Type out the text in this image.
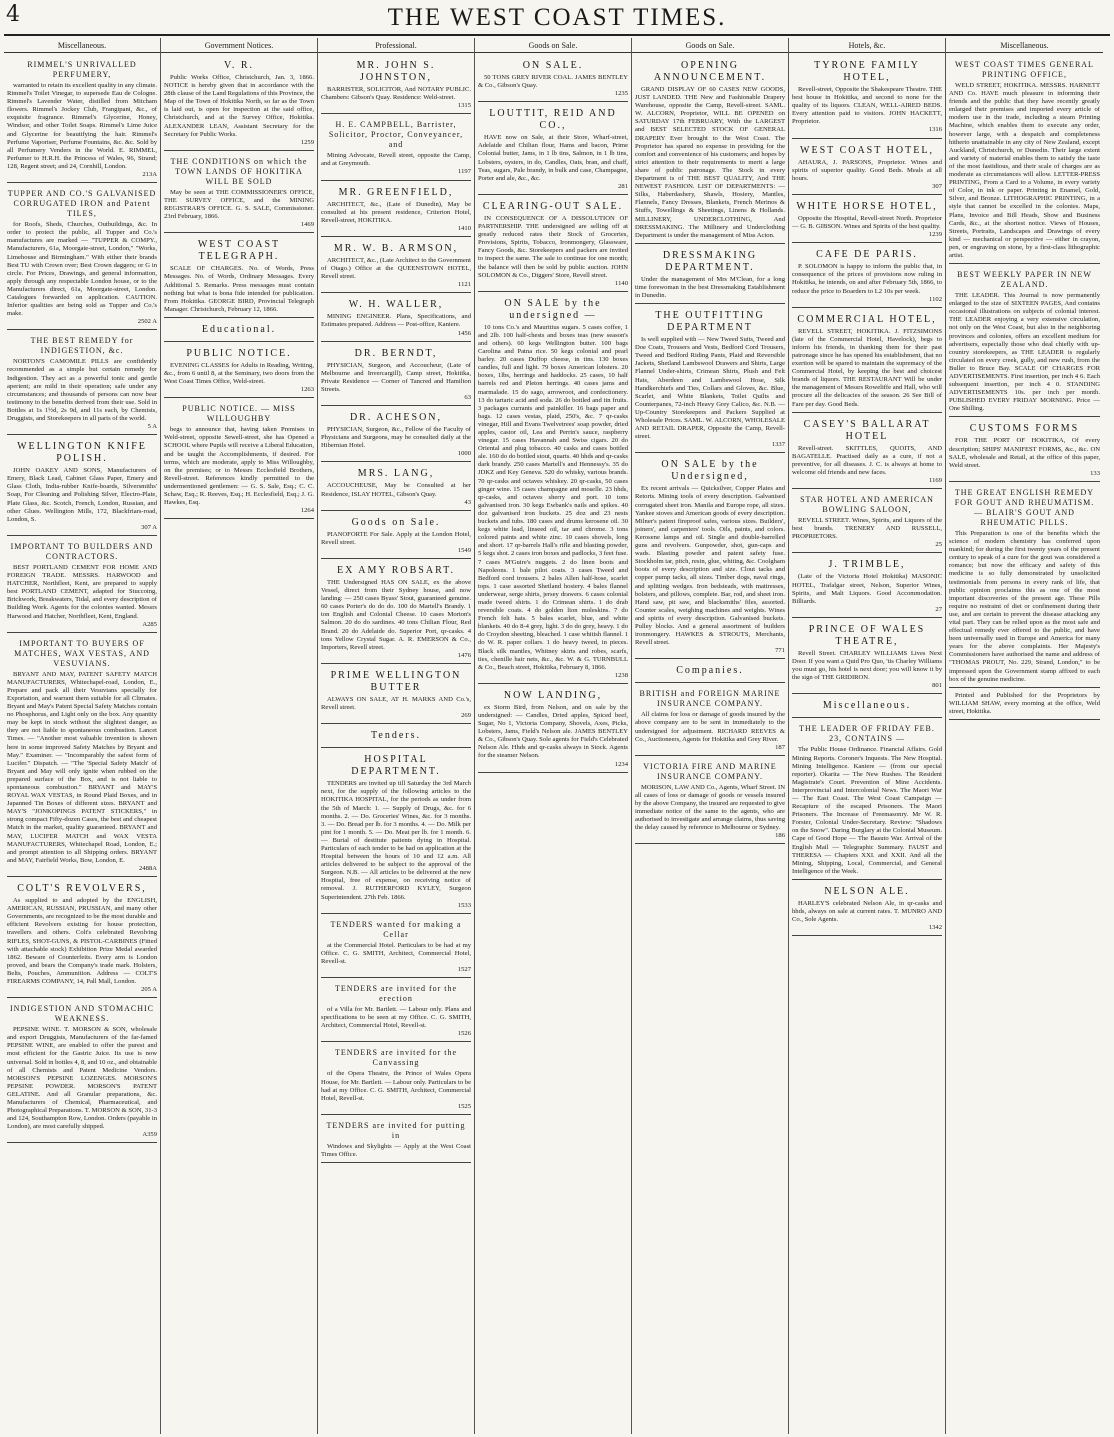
4	THE WEST COAST TIMES.
Miscellaneous.
RIMMEL'S UNRIVALLED PERFUMERY,
warranted to retain its excellent quality in any climate. Rimmel's Toilet Vinegar, to supersede Eau de Cologne. Rimmel's Lavender Water, distilled from Mitcham flowers. Rimmel's Jockey Club, Frangipani, &c., of exquisite fragrance. Rimmel's Glycerine, Honey, Windsor, and other Toilet Soaps. Rimmel's Lime Juice and Glycerine for beautifying the hair. Rimmel's Perfume Vaporiser, Perfume Fountains, &c. &c. Sold by all Perfumery Venders in the World. E. RIMMEL, Perfumer to H.R.H. the Princess of Wales, 96, Strand; 128, Regent street; and 24, Cornhill, London.
213A
TUPPER AND CO.'S GALVANISED CORRUGATED IRON and Patent TILES,
for Roofs, Sheds, Churches, Outbuildings, &c. In order to protect the public, all Tupper and Co.'s manufactures are marked — "TUPPER & COMPY., Manufacturers, 61a, Moorgate-street, London," "Works, Limehouse and Birmingham." With either their brands Best TU with Crown over; Best Crown daggers; or G in circle. For Prices, Drawings, and general information, apply through any respectable London house, or to the Manufacturers direct, 61a, Moorgate-street, London. Catalogues forwarded on application. CAUTION. Inferior qualities are being sold as Tupper and Co.'s make.
2502 A
THE BEST REMEDY for INDIGESTION, &c.
NORTON'S CAMOMILE PILLS are confidently recommended as a simple but certain remedy for Indigestion. They act as a powerful tonic and gentle aperient; are mild in their operation; safe under any circumstances; and thousands of persons can now bear testimony to the benefits derived from their use. Sold in Bottles at 1s 1½d, 2s 9d, and 11s each, by Chemists, Druggists, and Storekeepers in all parts of the world.
5 A
WELLINGTON KNIFE POLISH.
JOHN OAKEY AND SONS, Manufacturers of Emery, Black Lead, Cabinet Glass Paper, Emery and Glass Cloth, India-rubber Knife-boards, Silversmiths' Soap, For Cleaning and Polishing Silver, Electro-Plate, Plate Glass, &c. Scotch, French, London, Russian, and other Glues. Wellington Mills, 172, Blackfriars-road, London, S.
307 A
IMPORTANT TO BUILDERS AND CONTRACTORS.
BEST PORTLAND CEMENT FOR HOME AND FOREIGN TRADE. MESSRS. HARWOOD and HATCHER, Northfleet, Kent, are prepared to supply best PORTLAND CEMENT, adapted for Stuccoing, Brickwork, Breakwaters, Tidal, and every description of Building Work. Agents for the colonies wanted. Messrs Harwood and Hatcher, Northfleet, Kent, England.
A285
IMPORTANT TO BUYERS OF MATCHES, WAX VESTAS, AND VESUVIANS.
BRYANT AND MAY, PATENT SAFETY MATCH MANUFACTURERS, Whitechapel-road, London, E., Prepare and pack all their Vesuvians specially for Exportation, and warrant them suitable for all Climates. Bryant and May's Patent Special Safety Matches contain no Phosphorus, and Light only on the box. Any quantity may be kept in stock without the slightest danger, as they are not liable to spontaneous combustion. Lancet Times. — "Another most valuable invention is shown here in some improved Safety Matches by Bryant and May." Examiner. — "Incomparably the safest form of Lucifer." Dispatch. — "The 'Special Safety Match' of Bryant and May will only ignite when rubbed on the prepared surface of the Box, and is not liable to spontaneous combustion." BRYANT and MAY'S ROYAL WAX VESTAS, in Round Plaid Boxes, and in Japanned Tin Boxes of different sizes. BRYANT and MAY'S "JONKOPINGS PATENT STICKERS," in strong compact Fifty-dozen Cases, the best and cheapest Match in the market, quality guaranteed. BRYANT and MAY, LUCIFER MATCH and WAX VESTA MANUFACTURERS, Whitechapel Road, London, E.; and prompt attention to all Shipping orders. BRYANT and MAY, Fairfield Works, Bow, London, E.
2488A
COLT'S REVOLVERS,
As supplied to and adopted by the ENGLISH, AMERICAN, RUSSIAN, PRUSSIAN, and many other Governments, are recognized to be the most durable and efficient Revolvers existing for house protection, travellers and others. Colt's celebrated Revolving RIFLES, SHOT-GUNS, & PISTOL-CARBINES (Fitted with attachable stock) Exhibition Prize Medal awarded 1862. Beware of Counterfeits. Every arm is London proved, and bears the Company's trade mark. Holsters, Belts, Pouches, Ammunition. Address — COLT'S FIREARMS COMPANY, 14, Pall Mall, London.
205 A
INDIGESTION AND STOMACHIC WEAKNESS.
PEPSINE WINE. T. MORSON & SON, wholesale and export Druggists, Manufacturers of the far-famed PEPSINE WINE, are enabled to offer the purest and most efficient for the Gastric Juice. Its use is now universal. Sold in bottles 4, 8, and 10 oz., and obtainable of all Chemists and Patent Medicine Vendors. MORSON'S PEPSINE LOZENGES. MORSON'S PEPSINE POWDER. MORSON'S PATENT GELATINE. And all Granular preparations, &c. Manufacturers of Chemical, Pharmaceutical, and Photographical Preparations. T. MORSON & SON, 31-3 and 124, Southampton Row, London. Orders (payable in London), are most carefully shipped.
A359
Government Notices.
V. R.
Public Works Office, Christchurch, Jan. 3, 1866. NOTICE is hereby given that in accordance with the 28th clause of the Land Regulations of this Province, the Map of the Town of Hokitika North, so far as the Town is laid out, is open for inspection at the said office, Christchurch, and at the Survey Office, Hokitika. ALEXANDER LEAN, Assistant Secretary for the Secretary for Public Works.
1259
THE CONDITIONS on which the TOWN LANDS OF HOKITIKA WILL BE SOLD
May be seen at THE COMMISSIONER'S OFFICE, THE SURVEY OFFICE, and the MINING REGISTRAR'S OFFICE. G. S. SALE, Commissioner. 23rd February, 1866.
1469
WEST COAST TELEGRAPH.
SCALE OF CHARGES. No. of Words, Press Messages. No. of Words, Ordinary Messages. Every Additional 5. Remarks. Press messages must contain nothing but what is bona fide intended for publication. From Hokitika. GEORGE BIRD, Provincial Telegraph Manager. Christchurch, February 12, 1866.
Educational.
PUBLIC NOTICE.
EVENING CLASSES for Adults in Reading, Writing, &c., from 6 until 8, at the Seminary, two doors from the West Coast Times Office, Weld-street.
1263
PUBLIC NOTICE. — MISS WILLOUGHBY
begs to announce that, having taken Premises in Weld-street, opposite Sewell-street, she has Opened a SCHOOL where Pupils will receive a Liberal Education, and be taught the Accomplishments, if desired. For terms, which are moderate, apply to Miss Willoughby, on the premises; or to Messrs Ecclesfield Brothers, Revell-street. References kindly permitted to the undermentioned gentlemen: — G. S. Sale, Esq.; C. C. Schaw, Esq.; R. Reeves, Esq.; H. Ecclesfield, Esq.; J. G. Hawkes, Esq.
1264
Professional.
MR. JOHN S. JOHNSTON,
BARRISTER, SOLICITOR, And NOTARY PUBLIC. Chambers: Gibson's Quay. Residence: Weld-street.
1315
H. E. CAMPBELL, Barrister, Solicitor, Proctor, Conveyancer, and
Mining Advocate, Revell street, opposite the Camp, and at Greymouth.
1197
MR. GREENFIELD,
ARCHITECT, &c., (Late of Dunedin), May be consulted at his present residence, Criterion Hotel, Revell-street, HOKITIKA.
1410
MR. W. B. ARMSON,
ARCHITECT, &c., (Late Architect to the Government of Otago.) Office at the QUEENSTOWN HOTEL, Revell street.
1121
W. H. WALLER,
MINING ENGINEER. Plans, Specifications, and Estimates prepared. Address — Post-office, Kaniere.
1456
DR. BERNDT,
PHYSICIAN, Surgeon, and Accoucheur, (Late of Melbourne and Invercargill), Camp street, Hokitika, Private Residence — Corner of Tancred and Hamilton Streets.
63
DR. ACHESON,
PHYSICIAN, Surgeon, &c., Fellow of the Faculty of Physicians and Surgeons, may be consulted daily at the Hibernian Hotel.
1000
MRS. LANG,
ACCOUCHEUSE, May be Consulted at her Residence, ISLAY HOTEL, Gibson's Quay.
43
Goods on Sale.
PIANOFORTE For Sale. Apply at the London Hotel, Revell street.
1549
EX AMY ROBSART.
THE Undersigned HAS ON SALE, ex the above Vessel, direct from their Sydney house, and now landing: — 250 cases Byass' Stout, guaranteed genuine. 60 cases Porter's do do do. 100 do Martell's Brandy. 1 ton English and Colonial Cheese. 10 cases Morton's Salmon. 20 do do sardines. 40 tons Chilian Flour, Red Brand. 20 do Adelaide do. Superior Port, qr-casks. 4 tons Yellow Crystal Sugar. A. R. EMERSON & Co., Importers, Revell street.
1476
PRIME WELLINGTON BUTTER
ALWAYS ON SALE, AT H. MARKS AND Co.'s, Revell street.
269
Tenders.
HOSPITAL DEPARTMENT.
TENDERS are invited up till Saturday the 3rd March next, for the supply of the following articles to the HOKITIKA HOSPITAL, for the periods as under from the 5th of March: 1. — Supply of Drugs, &c. for 6 months. 2. — Do. Groceries' Wines, &c. for 3 months. 3. — Do. Bread per lb. for 3 months. 4. — Do. Milk per pint for 1 month. 5. — Do. Meat per lb. for 1 month. 6. — Burial of destitute patients dying in Hospital. Particulars of each tender to be had on application at the Hospital between the hours of 10 and 12 a.m. All articles delivered to be subject to the approval of the Surgeon. N.B. — All articles to be delivered at the new Hospital, free of expense, on receiving notice of removal. J. RUTHERFORD KYLEY, Surgeon Superintendent. 27th Feb. 1866.
1533
TENDERS wanted for making a Cellar
at the Commercial Hotel. Particulars to be had at my Office. C. G. SMITH, Architect, Commercial Hotel, Revell-st.
1527
TENDERS are invited for the erection
of a Villa for Mr. Bartlett. — Labour only. Plans and specifications to be seen at my Office. C. G. SMITH, Architect, Commercial Hotel, Revell-st.
1526
TENDERS are invited for the Canvassing
of the Opera Theatre, the Prince of Wales Opera House, for Mr. Bartlett. — Labour only. Particulars to be had at my Office. C. G. SMITH, Architect, Commercial Hotel, Revell-st.
1525
TENDERS are invited for putting in
Windows and Skylights — Apply at the West Coast Times Office.
Goods on Sale.
ON SALE.
50 TONS GREY RIVER COAL. JAMES BENTLEY & Co., Gibson's Quay.
1235
LOUTTIT, REID AND CO.,
HAVE now on Sale, at their Store, Wharf-street, Adelaide and Chilian flour, Hams and bacon, Prime Colonial butter, Jams, in 1 lb tins, Salmon, in 1 lb tins, Lobsters, oysters, in do, Candles, Oats, bran, and chaff, Teas, sugars, Pale brandy, in bulk and case, Champagne, Porter and ale, &c., &c.
281
CLEARING-OUT SALE.
IN CONSEQUENCE OF A DISSOLUTION OF PARTNERSHIP. THE undersigned are selling off at greatly reduced rates their Stock of Groceries, Provisions, Spirits, Tobacco, Ironmongery, Glassware, Fancy Goods, &c. Storekeepers and packers are invited to inspect the same. The sale to continue for one month; the balance will then be sold by public auction. JOHN SOLOMON & Co., Diggers' Store, Revell street.
1140
ON SALE by the undersigned —
10 tons Co.'s and Mauritius sugars. 5 cases coffee, 1 and 2lb. 100 half-chests and boxes teas (new season's and others). 60 kegs Wellington butter. 100 bags Carolina and Patna rice. 50 kegs colonial and pearl barley. 20 cases Duffop cheese, in tins. 130 boxes candles, full and light. 79 boxes American lobsters. 20 boxes, 1lbs, herrings and haddocks. 25 cases, 10 half barrels red and Pleton herrings. 40 cases jams and marmalade. 15 do sago, arrowroot, and confectionery. 13 do tartaric acid and soda. 26 do bottled and tin fruits. 3 packages currants and painkiller. 16 bags paper and bags. 12 cases vestas, plaid, 250's, &c. 7 qr-casks vinegar, Hill and Evans Twelvetrees' soap powder, dried apples, castor oil, Lea and Perrin's sauce, raspberry vinegar. 15 cases Havannah and Swiss cigars. 20 do Oriental and plug tobacco. 40 casks and cases bottled ale. 160 do do bottled stout, quarts. 40 hhds and qr-casks dark brandy. 250 cases Martell's and Hennessy's. 35 do JDKZ and Key Geneva. 520 do whisky, various brands. 70 qr-casks and octaves whiskey. 20 qr-casks, 50 cases ginger wine. 15 cases champagne and moselle. 23 hhds, qr-casks, and octaves sherry and port. 10 tons galvanised iron. 30 kegs Ewbank's nails and spikes. 40 doz galvanised iron buckets. 25 doz and 23 nests buckets and tubs. 180 cases and drums kerosene oil. 30 kegs white lead, linseed oil, tar and chrome. 3 tons colored paints and white zinc. 10 cases shovels, long and short. 17 qr-barrels Hall's rifle and blasting powder, 5 kegs shot. 2 cases iron boxes and padlocks, 3 feet fuse. 7 cases M'Guire's nuggets. 2 do linen boots and Napoleons. 1 bale pilot coats. 3 cases Tweed and Bedford cord trousers. 2 bales Allen half-hose, scarlet tops. 1 case assorted Shetland hosiery. 4 bales flannel underwear, serge shirts, jersey drawers. 6 cases colonial made tweed shirts. 1 do Crimean shirts. 1 do drab reversible coats. 4 do golden lion moleskins. 7 do French felt hats. 5 bales scarlet, blue, and white blankets. 40 do 8-4 grey, light. 3 do do grey, heavy. 1 do do Croydon sheeting, bleached. 1 case whitish flannel. 1 do W. R. paper collars. 1 do heavy tweed, in pieces. Black silk mantles, Whitney skirts and robes, scarfs, ties, chenille hair nets, &c., &c. W. & G. TURNBULL & Co., Beach street, Hokitika, February 8, 1866.
1238
NOW LANDING,
ex Storm Bird, from Nelson, and on sale by the undersigned: — Candles, Dried apples, Spiced beef, Sugar, No 1, Victoria Company, Shovels, Axes, Picks, Lobsters, Jams, Field's Nelson ale. JAMES BENTLEY & Co., Gibson's Quay. Sole agents for Field's Celebrated Nelson Ale. Hhds and qr-casks always in Stock. Agents for the steamer Nelson.
1234
Goods on Sale.
OPENING ANNOUNCEMENT.
GRAND DISPLAY OF 60 CASES NEW GOODS, JUST LANDED. THE New and Fashionable Drapery Warehouse, opposite the Camp, Revell-street. SAML. W. ALCORN, Proprietor, WILL BE OPENED on SATURDAY 17th FEBRUARY, With the LARGEST and BEST SELECTED STOCK OF GENERAL DRAPERY Ever brought to the West Coast. The Proprietor has spared no expense in providing for the comfort and convenience of his customers; and hopes by strict attention to their requirements to merit a large share of public patronage. The Stock in every Department is of THE BEST QUALITY, And THE NEWEST FASHION. LIST OF DEPARTMENTS: — Silks, Haberdashery, Shawls, Hosiery, Mantles, Flannels, Fancy Dresses, Blankets, French Merinos & Stuffs, Towellings & Sheetings, Linens & Hollands. MILLINERY, UNDERCLOTHING, And DRESSMAKING. The Millinery and Underclothing Department is under the management of Miss Acton.
DRESSMAKING DEPARTMENT.
Under the management of Mrs M'Clean, for a long time forewoman in the best Dressmaking Establishment in Dunedin.
THE OUTFITTING DEPARTMENT
Is well supplied with — New Tweed Suits, Tweed and Doe Coats, Trousers and Vests, Bedford Cord Trousers, Tweed and Bedford Riding Pants, Plaid and Reversible Jackets, Shetland Lambswool Drawers and Shirts, Large Flannel Under-shirts, Crimean Shirts, Plush and Felt Hats, Aberdeen and Lambswool Hose, Silk Handkerchiefs and Ties, Collars and Gloves, &c. Blue, Scarlet, and White Blankets, Toilet Quilts and Counterpanes, 72-inch Heavy Grey Calico, &c. N.B. — Up-Country Storekeepers and Packers Supplied at Wholesale Prices. SAML. W. ALCORN, WHOLESALE AND RETAIL DRAPER, Opposite the Camp, Revell-street.
1337
ON SALE by the Undersigned,
Ex recent arrivals — Quicksilver, Copper Plates and Retorts. Mining tools of every description. Galvanised corrugated sheet iron. Manila and Europe rope, all sizes. Yankee stoves and American goods of every description. Milner's patent fireproof safes, various sizes. Builders', joiners', and carpenters' tools. Oils, paints, and colors. Kerosene lamps and oil. Single and double-barrelled guns and revolvers. Gunpowder, shot, gun-caps and wads. Blasting powder and patent safety fuse. Stockholm tar, pitch, resin, glue, whiting, &c. Coolgham boots of every description and size. Clout tacks and copper pump tacks, all sizes. Timber dogs, naval rings, and splitting wedges. Iron bedsteads, with mattresses, bolsters, and pillows, complete. Bar, rod, and sheet iron. Hand saw, pit saw, and blacksmiths' files, assorted. Counter scales, weighing machines and weights. Wines and spirits of every description. Galvanised buckets. Pulley blocks. And a general assortment of builders ironmongery. HAWKES & STROUTS, Merchants, Revell street.
771
Companies.
BRITISH and FOREIGN MARINE INSURANCE COMPANY.
All claims for loss or damage of goods insured by the above company are to be sent in immediately to the undersigned for adjustment. RICHARD REEVES & Co., Auctioneers, Agents for Hokitika and Grey River.
187
VICTORIA FIRE AND MARINE INSURANCE COMPANY.
MORISON, LAW AND Co., Agents, Wharf Street. IN all cases of loss or damage of goods or vessels insured by the above Company, the insured are requested to give immediate notice of the same to the agents, who are authorised to investigate and arrange claims, thus saving the delay caused by reference to Melbourne or Sydney.
186
Hotels, &c.
TYRONE FAMILY HOTEL,
Revell-street, Opposite the Shakespeare Theatre. THE best house in Hokitika, and second to none for the quality of its liquors. CLEAN, WELL-AIRED BEDS. Every attention paid to visitors. JOHN HACKETT, Proprietor.
1316
WEST COAST HOTEL,
AHAURA, J. PARSONS, Proprietor. Wines and spirits of superior quality. Good Beds. Meals at all hours.
307
WHITE HORSE HOTEL,
Opposite the Hospital, Revell-street North. Proprietor — G. B. GIBSON. Wines and Spirits of the best quality.
1239
CAFE DE PARIS.
P. SOLOMON is happy to inform the public that, in consequence of the prices of provisions now ruling in Hokitika, he intends, on and after February 5th, 1866, to reduce the price to Boarders to L2 10s per week.
1102
COMMERCIAL HOTEL,
REVELL STREET, HOKITIKA. J. FITZSIMONS (late of the Commercial Hotel, Havelock), begs to inform his friends, in thanking them for their past patronage since he has opened his establishment, that no exertion will be spared to maintain the supremacy of the Commercial Hotel, by keeping the best and choicest brands of liquors. THE RESTAURANT Will be under the management of Messrs Roweliffe and Hall, who will procure all the delicacies of the season. 26 See Bill of Fare per day. Good Beds.
CASEY'S BALLARAT HOTEL
Revell-street. SKITTLES, QUOITS, AND BAGATELLE. Practised daily as a cure, if not a preventive, for all diseases. J. C. is always at home to welcome old friends and new faces.
1169
STAR HOTEL AND AMERICAN BOWLING SALOON,
REVELL STREET. Wines, Spirits, and Liquors of the best brands. TRENERY AND RUSSELL, PROPRIETORS.
25
J. TRIMBLE,
(Late of the Victoria Hotel Hokitika) MASONIC HOTEL, Trafalgar street, Nelson, Superior Wines, Spirits, and Malt Liquors. Good Accommodation. Billiards.
27
PRINCE OF WALES THEATRE,
Revell Street. CHARLEY WILLIAMS Lives Next Door. If you want a Quid Pro Quo, 'tis Charley Williams you must go, his hotel is next door; you will know it by the sign of THE GRIDIRON.
801
Miscellaneous.
THE LEADER OF FRIDAY FEB. 23, CONTAINS —
The Public House Ordinance. Financial Affairs. Gold Mining Reports. Coroner's Inquests. The New Hospital. Mining Intelligence. Kaniere — (from our special reporter). Okarita — The New Rushes. The Resident Magistrate's Court. Prevention of Mine Accidents. Interprovincial and Intercolonial News. The Maori War — The East Coast. The West Coast Campaign — Recapture of the escaped Prisoners. The Maori Prisoners. The Increase of Freemasonry. Mr W. R. Forster, Colonial Under-Secretary. Review: "Shadows on the Snow". Daring Burglary at the Colonial Museum. Cape of Good Hope — The Basuto War. Arrival of the English Mail — Telegraphic Summary. FAUST and THERESA — Chapters XXI. and XXII. And all the Mining, Shipping, Local, Commercial, and General Intelligence of the Week.
NELSON ALE.
HARLEY'S celebrated Nelson Ale, in qr-casks and hhds, always on sale at current rates. T. MUNRO AND Co., Sole Agents.
1342
Miscellaneous.
WEST COAST TIMES GENERAL PRINTING OFFICE,
WELD STREET, HOKITIKA. MESSRS. HARNETT AND Co. HAVE much pleasure in informing their friends and the public that they have recently greatly enlarged their premises and imported every article of modern use in the trade, including a steam Printing Machine, which enables them to execute any order, however large, with a despatch and completeness hitherto unattainable in any city of New Zealand, except Auckland, Christchurch, or Dunedin. Their large extent and variety of material enables them to satisfy the taste of the most fastidious, and their scale of charges are as moderate as circumstances will allow. LETTER-PRESS PRINTING, From a Card to a Volume, in every variety of Color, in ink or paper. Printing in Enamel, Gold, Silver, and Bronze. LITHOGRAPHIC PRINTING, in a style that cannot be excelled in the colonies. Maps, Plans, Invoice and Bill Heads, Show and Business Cards, &c., at the shortest notice. Views of Houses, Streets, Portraits, Landscapes and Drawings of every kind — mechanical or perspective — either in crayon, pen, or engraving on stone, by a first-class lithographic artist.
BEST WEEKLY PAPER IN NEW ZEALAND.
THE LEADER. This Journal is now permanently enlarged to the size of SIXTEEN PAGES, And contains occasional illustrations on subjects of colonial interest. THE LEADER enjoying a very extensive circulation, not only on the West Coast, but also in the neighboring provinces and colonies, offers an excellent medium for advertisers, especially those who deal chiefly with up-country storekeepers, as THE LEADER is regularly circulated on every creek, gully, and new rush, from the Buller to Bruce Bay. SCALE OF CHARGES FOR ADVERTISEMENTS. First insertion, per inch 4 6. Each subsequent insertion, per inch 4 0. STANDING ADVERTISEMENTS 10s. per inch per month. PUBLISHED EVERY FRIDAY MORNING. Price — One Shilling.
CUSTOMS FORMS
FOR THE PORT OF HOKITIKA, Of every description; SHIPS' MANIFEST FORMS, &c., &c. ON SALE, wholesale and Retail, at the office of this paper, Weld street.
133
THE GREAT ENGLISH REMEDY FOR GOUT AND RHEUMATISM. — BLAIR'S GOUT AND RHEUMATIC PILLS.
This Preparation is one of the benefits which the science of modern chemistry has conferred upon mankind; for during the first twenty years of the present century to speak of a cure for the gout was considered a romance; but now the efficacy and safety of this medicine is so fully demonstrated by unsolicited testimonials from persons in every rank of life, that public opinion proclaims this as one of the most important discoveries of the present age. These Pills require no restraint of diet or confinement during their use, and are certain to prevent the disease attacking any vital part. They can be relied upon as the most safe and effectual remedy ever offered to the public, and have been universally used in Europe and America for many years for the above complaints. Her Majesty's Commissioners have authorised the name and address of "THOMAS PROUT, No. 229, Strand, London," to be impressed upon the Government stamp affixed to each box of the genuine medicine.
Printed and Published for the Proprietors by WILLIAM SHAW, every morning at the office, Weld street, Hokitika.
